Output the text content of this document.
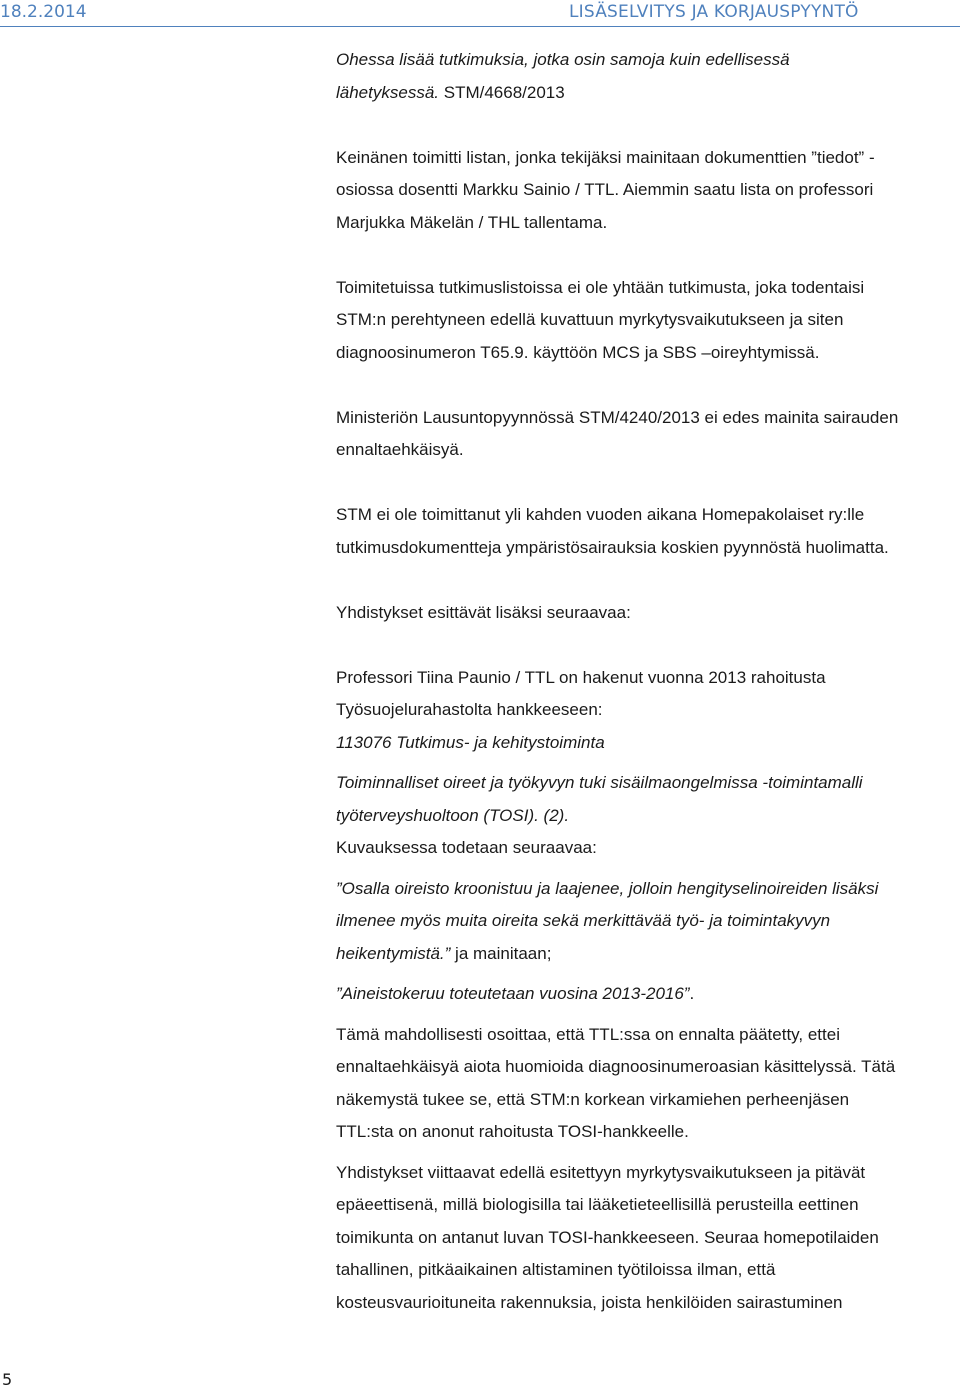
18.2.2014	LISÄSELVITYS JA KORJAUSPYYNTÖ
Ohessa lisää tutkimuksia, jotka osin samoja kuin edellisessä
lähetyksessä. STM/4668/2013
Keinänen toimitti listan, jonka tekijäksi mainitaan dokumenttien ”tiedot” -
osiossa dosentti Markku Sainio / TTL. Aiemmin saatu lista on professori
Marjukka Mäkelän / THL tallentama.
Toimitetuissa tutkimuslistoissa ei ole yhtään tutkimusta, joka todentaisi
STM:n perehtyneen edellä kuvattuun myrkytysvaikutukseen ja siten
diagnoosinumeron T65.9. käyttöön MCS ja SBS –oireyhtymissä.
Ministeriön Lausuntopyynnössä STM/4240/2013 ei edes mainita sairauden
ennaltaehkäisyä.
STM ei ole toimittanut yli kahden vuoden aikana Homepakolaiset ry:lle
tutkimusdokumentteja ympäristösairauksia koskien pyynnöstä huolimatta.
Yhdistykset esittävät lisäksi seuraavaa:
Professori Tiina Paunio / TTL on hakenut vuonna 2013 rahoitusta
Työsuojelurahastolta hankkeeseen:
113076 Tutkimus- ja kehitystoiminta
Toiminnalliset oireet ja työkyvyn tuki sisäilmaongelmissa -toimintamalli
työterveyshuoltoon (TOSI). (2).
Kuvauksessa todetaan seuraavaa:
”Osalla oireisto kroonistuu ja laajenee, jolloin hengityselinoireiden lisäksi
ilmenee myös muita oireita sekä merkittävää työ- ja toimintakyvyn
heikentymistä.” ja mainitaan;
”Aineistokeruu toteutetaan vuosina 2013-2016”.
Tämä mahdollisesti osoittaa, että TTL:ssa on ennalta päätetty, ettei
ennaltaehkäisyä aiota huomioida diagnoosinumeroasian käsittelyssä. Tätä
näkemystä tukee se, että STM:n korkean virkamiehen perheenjäsen
TTL:sta on anonut rahoitusta TOSI-hankkeelle.
Yhdistykset viittaavat edellä esitettyyn myrkytysvaikutukseen ja pitävät
epäeettisenä, millä biologisilla tai lääketieteellisillä perusteilla eettinen
toimikunta on antanut luvan TOSI-hankkeeseen. Seuraa homepotilaiden
tahallinen, pitkäaikainen altistaminen työtiloissa ilman, että
kosteusvaurioituneita rakennuksia, joista henkilöiden sairastuminen
5
